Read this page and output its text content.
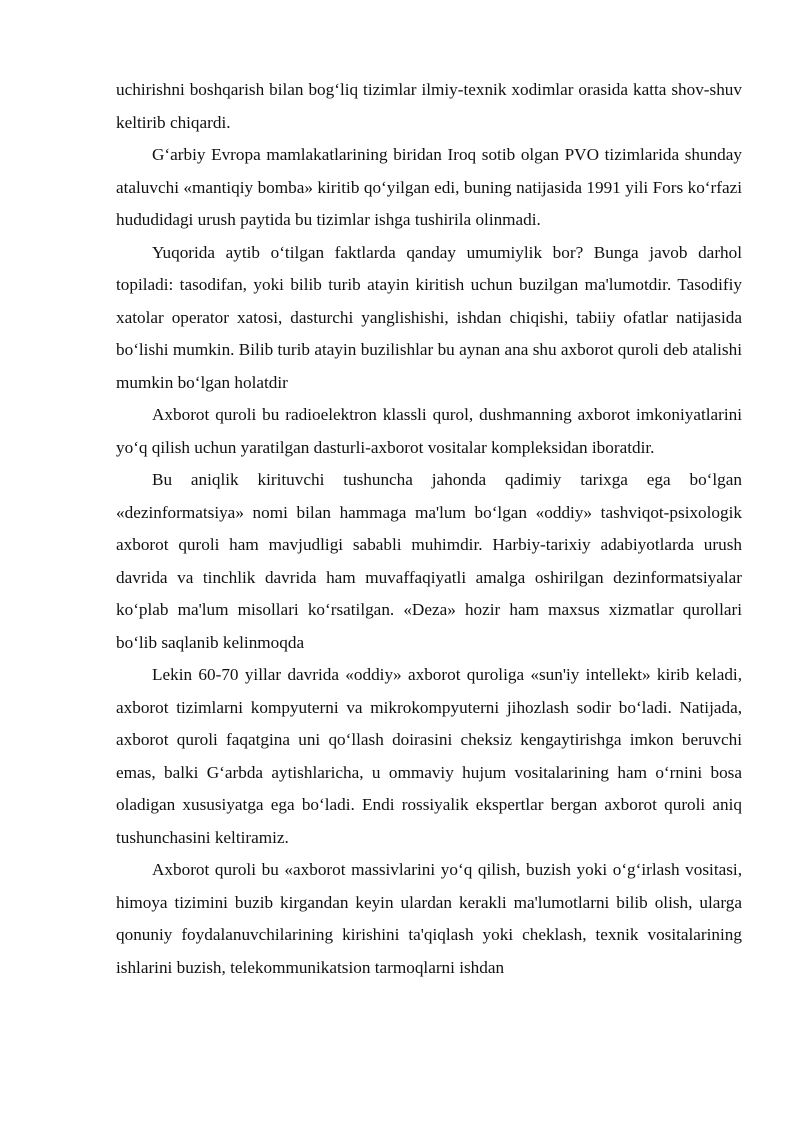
uchirishni boshqarish bilan bog‘liq tizimlar ilmiy-texnik xodimlar orasida katta shov-shuv keltirib chiqardi.

G‘arbiy Evropa mamlakatlarining biridan Iroq sotib olgan PVO tizimlarida shunday ataluvchi «mantiqiy bomba» kiritib qo‘yilgan edi, buning natijasida 1991 yili Fors ko‘rfazi hududidagi urush paytida bu tizimlar ishga tushirila olinmadi.

Yuqorida aytib o‘tilgan faktlarda qanday umumiylik bor? Bunga javob darhol topiladi: tasodifan, yoki bilib turib atayin kiritish uchun buzilgan ma'lumotdir. Tasodifiy xatolar operator xatosi, dasturchi yanglishishi, ishdan chiqishi, tabiiy ofatlar natijasida bo‘lishi mumkin. Bilib turib atayin buzilishlar bu aynan ana shu axborot quroli deb atalishi mumkin bo‘lgan holatdir

Axborot quroli bu radioelektron klassli qurol, dushmanning axborot imkoniyatlarini yo‘q qilish uchun yaratilgan dasturli-axborot vositalar kompleksidan iboratdir.

Bu aniqlik kirituvchi tushuncha jahonda qadimiy tarixga ega bo‘lgan «dezinformatsiya» nomi bilan hammaga ma'lum bo‘lgan «oddiy» tashviqot-psixologik axborot quroli ham mavjudligi sababli muhimdir. Harbiy-tarixiy adabiyotlarda urush davrida va tinchlik davrida ham muvaffaqiyatli amalga oshirilgan dezinformatsiyalar ko‘plab ma'lum misollari ko‘rsatilgan. «Deza» hozir ham maxsus xizmatlar qurollari bo‘lib saqlanib kelinmoqda

Lekin 60-70 yillar davrida «oddiy» axborot quroliga «sun'iy intellekt» kirib keladi, axborot tizimlarni kompyuterni va mikrokompyuterni jihozlash sodir bo‘ladi. Natijada, axborot quroli faqatgina uni qo‘llash doirasini cheksiz kengaytirishga imkon beruvchi emas, balki G‘arbda aytishlaricha, u ommaviy hujum vositalarining ham o‘rnini bosa oladigan xususiyatga ega bo‘ladi. Endi rossiyalik ekspertlar bergan axborot quroli aniq tushunchasini keltiramiz.

Axborot quroli bu «axborot massivlarini yo‘q qilish, buzish yoki o‘g‘irlash vositasi, himoya tizimini buzib kirgandan keyin ulardan kerakli ma'lumotlarni bilib olish, ularga qonuniy foydalanuvchilarining kirishini ta'qiqlash yoki cheklash, texnik vositalarining ishlarini buzish, telekommunikatsion tarmoqlarni ishdan
